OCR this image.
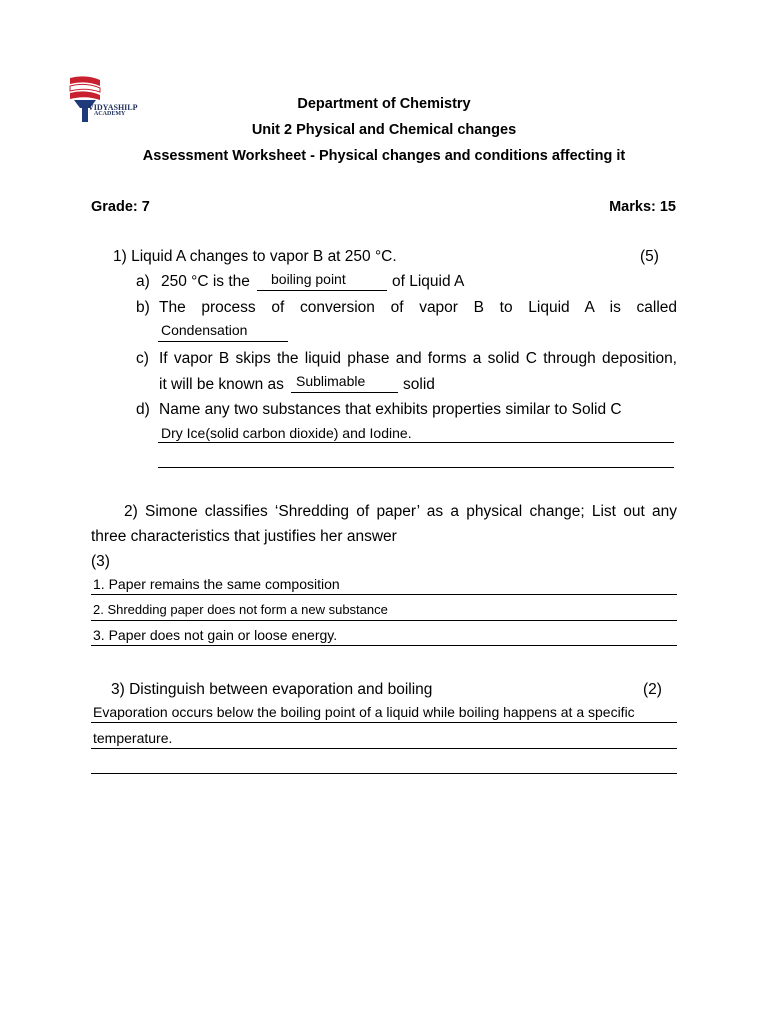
VIDYASHILP
ACADEMY
Department of Chemistry
Unit 2 Physical and Chemical changes
Assessment Worksheet - Physical changes and conditions affecting it
Grade: 7	Marks: 15
1) Liquid A changes to vapor B at 250 °C.	(5)
a) 250 °C is the boiling point	of Liquid A
b) The process of conversion of vapor B to Liquid A is called
Condensation
c) If vapor B skips the liquid phase and forms a solid C through deposition,
it will be known as Sublimable solid
d) Name any two substances that exhibits properties similar to Solid C
Dry Ice(solid carbon dioxide) and Iodine.
2) Simone classifies ‘Shredding of paper’ as a physical change; List out any
three characteristics that justifies her answer
(3)
1. Paper remains the same composition
2. Shredding paper does not form a new substance
3. Paper does not gain or loose energy.
3) Distinguish between evaporation and boiling	(2)
Evaporation occurs below the boiling point of a liquid while boiling happens at a specific
temperature.
